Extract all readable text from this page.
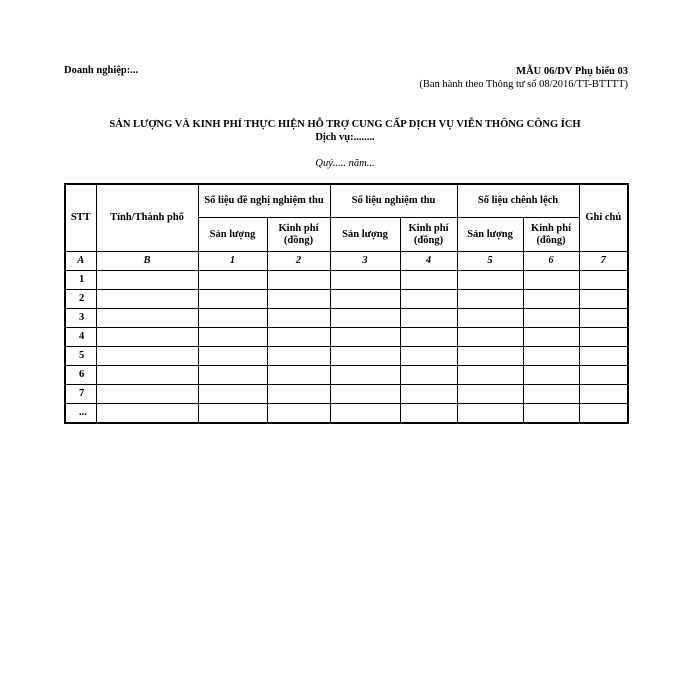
Doanh nghiệp:...	MẪU 06/DV Phụ biểu 03

(Ban hành theo Thông tư số 08/2016/TT-BTTTT)
SẢN LƯỢNG VÀ KINH PHÍ THỰC HIỆN HỖ TRỢ CUNG CẤP DỊCH VỤ VIỄN THÔNG CÔNG ÍCH
Dịch vụ:........
Quý..... năm...
STT	Tỉnh/Thành phố	Số liệu đề nghị nghiệm thu		Số liệu nghiệm thu		Số liệu chênh lệch		Ghi chú
		Sản lượng	Kinh phí (đồng)	Sản lượng	Kinh phí (đồng)	Sản lượng	Kinh phí (đồng)	
A	B	1	2	3	4	5	6	7
1								
2								
3								
4								
5								
6								
7								
...								
